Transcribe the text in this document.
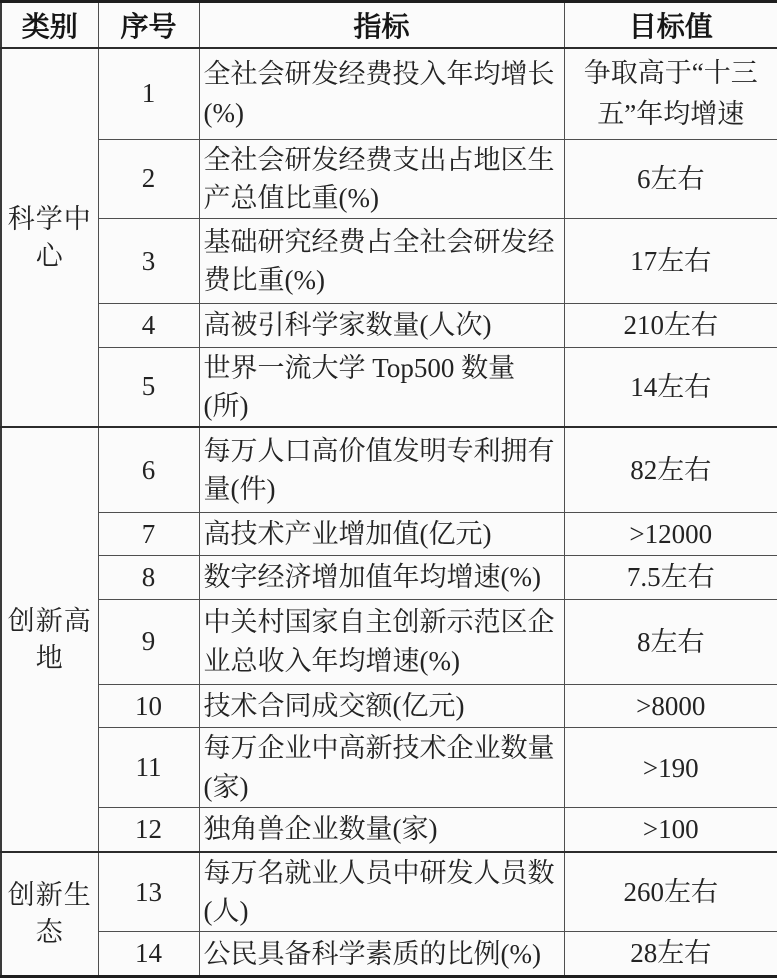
类别	序号	指标	目标值
科学中心	1	全社会研发经费投入年均增长(%)	争取高于“十三五”年均增速
	2	全社会研发经费支出占地区生产总值比重(%)	6左右
	3	基础研究经费占全社会研发经费比重(%)	17左右
	4	高被引科学家数量(人次)	210左右
	5	世界一流大学 Top500 数量(所)	14左右
创新高地	6	每万人口高价值发明专利拥有量(件)	82左右
	7	高技术产业增加值(亿元)	>12000
	8	数字经济增加值年均增速(%)	7.5左右
	9	中关村国家自主创新示范区企业总收入年均增速(%)	8左右
	10	技术合同成交额(亿元)	>8000
	11	每万企业中高新技术企业数量(家)	>190
	12	独角兽企业数量(家)	>100
创新生态	13	每万名就业人员中研发人员数(人)	260左右
	14	公民具备科学素质的比例(%)	28左右
